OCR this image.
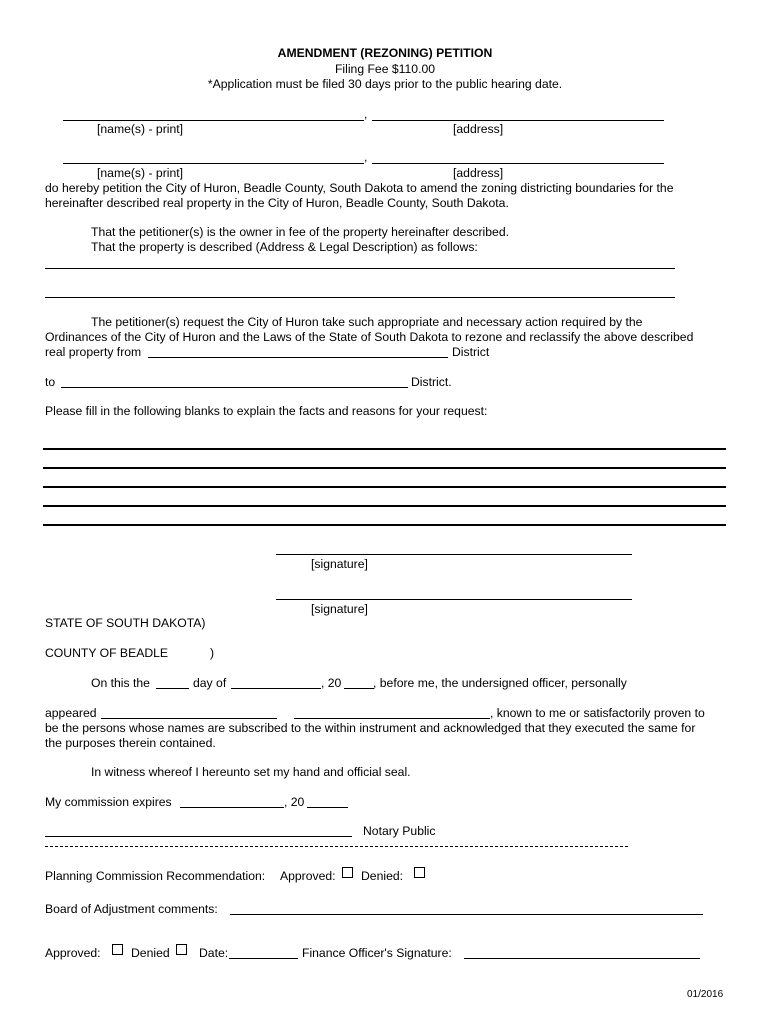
AMENDMENT (REZONING) PETITION
Filing Fee $110.00
*Application must be filed 30 days prior to the public hearing date.
,
[name(s) - print]	[address]
,
[name(s) - print]	[address]
do hereby petition the City of Huron, Beadle County, South Dakota to amend the zoning districting boundaries for the
hereinafter described real property in the City of Huron, Beadle County, South Dakota.
That the petitioner(s) is the owner in fee of the property hereinafter described.
That the property is described (Address & Legal Description) as follows:
The petitioner(s) request the City of Huron take such appropriate and necessary action required by the
Ordinances of the City of Huron and the Laws of the State of South Dakota to rezone and reclassify the above described
real property from	District
to	District.
Please fill in the following blanks to explain the facts and reasons for your request:
[signature]
[signature]
STATE OF SOUTH DAKOTA)
COUNTY OF BEADLE	)
On this the	day of	, 20	, before me, the undersigned officer, personally
appeared	, known to me or satisfactorily proven to
be the persons whose names are subscribed to the within instrument and acknowledged that they executed the same for
the purposes therein contained.
In witness whereof I hereunto set my hand and official seal.
My commission expires	, 20
Notary Public
Planning Commission Recommendation: Approved: Denied:
Board of Adjustment comments:
Approved: Denied Date:	Finance Officer's Signature:
01/2016
